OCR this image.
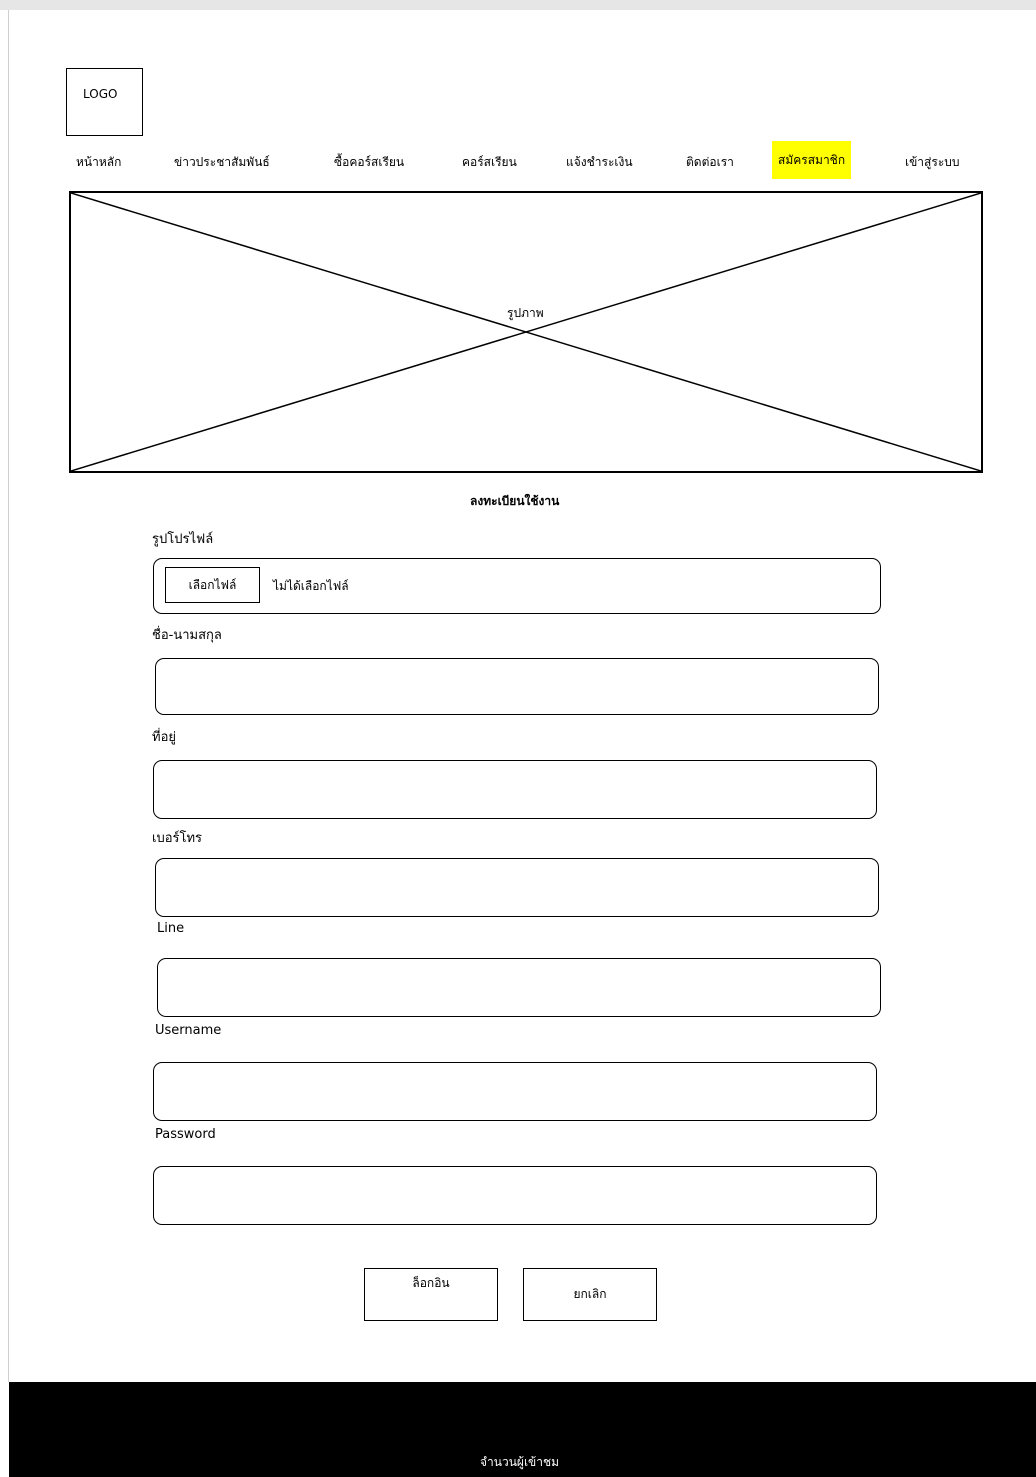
LOGO
หน้าหลัก	ข่าวประชาสัมพันธ์	ซื้อคอร์สเรียน	คอร์สเรียน	แจ้งชำระเงิน	ติดต่อเรา	สมัครสมาชิก	เข้าสู่ระบบ
รูปภาพ
ลงทะเบียนใช้งาน
รูปโปรไฟล์
เลือกไฟล์	ไม่ได้เลือกไฟล์
ชื่อ-นามสกุล
ที่อยู่
เบอร์โทร
Line
Username
Password
ล็อกอิน
ยกเลิก
จำนวนผู้เข้าชม
